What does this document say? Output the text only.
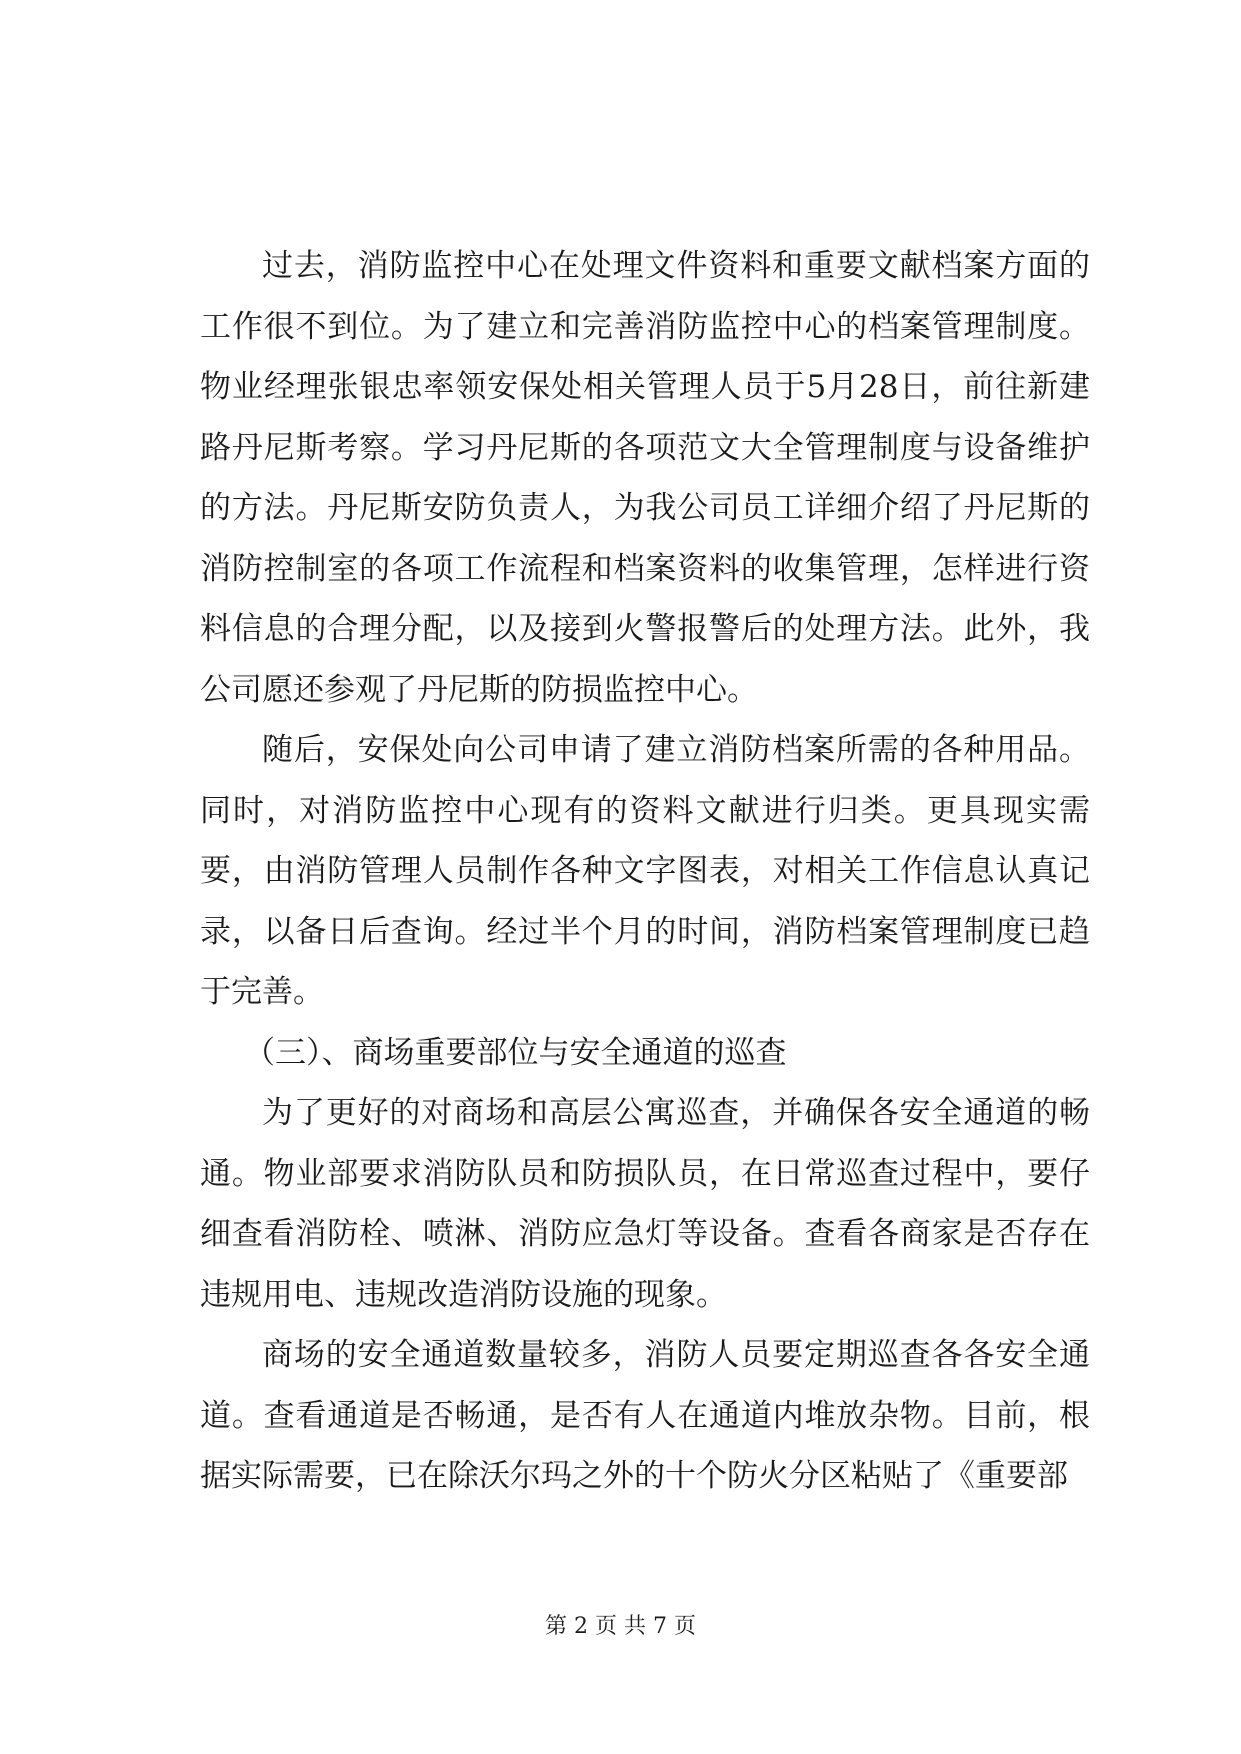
过去，消防监控中心在处理文件资料和重要文献档案方面的工作很不到位。为了建立和完善消防监控中心的档案管理制度。物业经理张银忠率领安保处相关管理人员于5月28日，前往新建路丹尼斯考察。学习丹尼斯的各项范文大全管理制度与设备维护的方法。丹尼斯安防负责人，为我公司员工详细介绍了丹尼斯的消防控制室的各项工作流程和档案资料的收集管理，怎样进行资料信息的合理分配，以及接到火警报警后的处理方法。此外，我公司愿还参观了丹尼斯的防损监控中心。

随后，安保处向公司申请了建立消防档案所需的各种用品。同时，对消防监控中心现有的资料文献进行归类。更具现实需要，由消防管理人员制作各种文字图表，对相关工作信息认真记录，以备日后查询。经过半个月的时间，消防档案管理制度已趋于完善。

（三）、商场重要部位与安全通道的巡查

为了更好的对商场和高层公寓巡查，并确保各安全通道的畅通。物业部要求消防队员和防损队员，在日常巡查过程中，要仔细查看消防栓、喷淋、消防应急灯等设备。查看各商家是否存在违规用电、违规改造消防设施的现象。

商场的安全通道数量较多，消防人员要定期巡查各各安全通道。查看通道是否畅通，是否有人在通道内堆放杂物。目前，根据实际需要，已在除沃尔玛之外的十个防火分区粘贴了《重要部

第 2 页 共 7 页
